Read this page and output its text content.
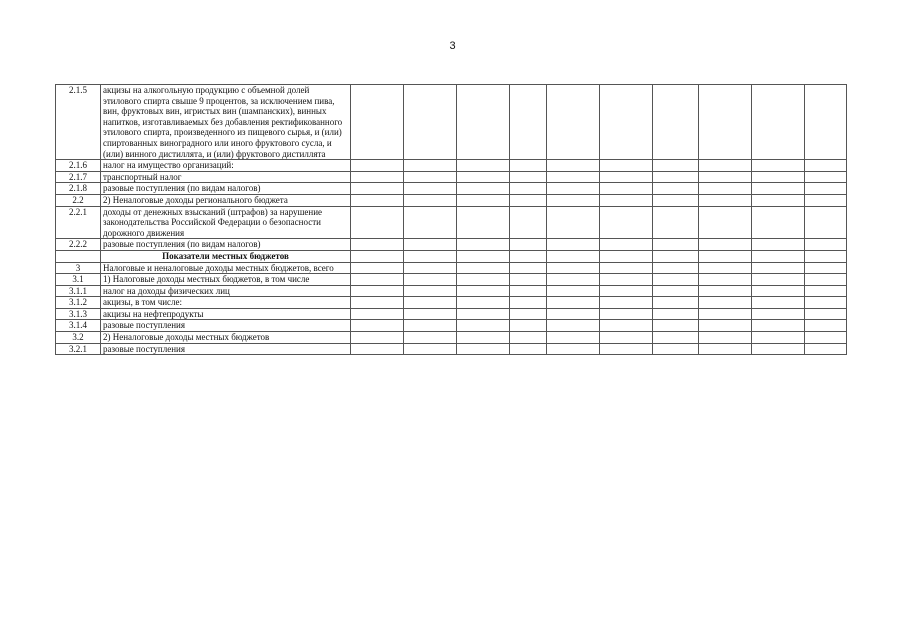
3
2.1.5	акцизы на алкогольную продукцию с объемной долей этилового спирта свыше 9 процентов, за исключением пива, вин, фруктовых вин, игристых вин (шампанских), винных напитков, изготавливаемых без добавления ректификованного этилового спирта, произведенного из пищевого сырья, и (или) спиртованных виноградного или иного фруктового сусла, и (или) винного дистиллята, и (или) фруктового дистиллята										
2.1.6	налог на имущество организаций:										
2.1.7	транспортный налог										
2.1.8	разовые поступления (по видам налогов)										
2.2	2) Неналоговые доходы регионального бюджета										
2.2.1	доходы от денежных взысканий (штрафов) за нарушение законодательства Российской Федерации о безопасности дорожного движения										
2.2.2	разовые поступления (по видам налогов)										
	Показатели местных бюджетов										
3	Налоговые и неналоговые доходы местных бюджетов, всего										
3.1	1) Налоговые доходы местных бюджетов, в том числе										
3.1.1	налог на доходы физических лиц										
3.1.2	акцизы, в том числе:										
3.1.3	акцизы на нефтепродукты										
3.1.4	разовые поступления										
3.2	2) Неналоговые доходы местных бюджетов										
3.2.1	разовые поступления										
